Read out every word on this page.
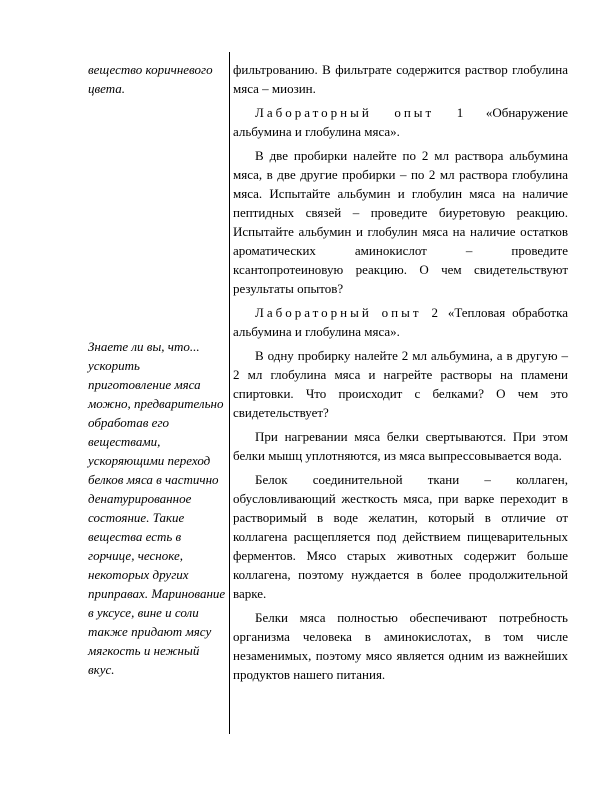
вещество коричневого цвета.
Знаете ли вы, что... ускорить приготовление мяса можно, предварительно обработав его веществами, ускоряющими переход белков мяса в частично денатурированное состояние. Такие вещества есть в горчице, чесноке, некоторых других приправах. Маринование в уксусе, вине и соли также придают мясу мягкость и нежный вкус.

фильтрованию. В фильтрате содержится раствор глобулина мяса – миозин.

Лабораторный опыт 1 «Обнаружение альбумина и глобулина мяса».

В две пробирки налейте по 2 мл раствора альбумина мяса, в две другие пробирки – по 2 мл раствора глобулина мяса. Испытайте альбумин и глобулин мяса на наличие пептидных связей – проведите биуретовую реакцию. Испытайте альбумин и глобулин мяса на наличие остатков ароматических аминокислот – проведите ксантопротеиновую реакцию. О чем свидетельствуют результаты опытов?

Лабораторный опыт 2 «Тепловая обработка альбумина и глобулина мяса».

В одну пробирку налейте 2 мл альбумина, а в другую – 2 мл глобулина мяса и нагрейте растворы на пламени спиртовки. Что происходит с белками? О чем это свидетельствует?

При нагревании мяса белки свертываются. При этом белки мышц уплотняются, из мяса выпрессовывается вода.

Белок соединительной ткани – коллаген, обусловливающий жесткость мяса, при варке переходит в растворимый в воде желатин, который в отличие от коллагена расщепляется под действием пищеварительных ферментов. Мясо старых животных содержит больше коллагена, поэтому нуждается в более продолжительной варке.

Белки мяса полностью обеспечивают потребность организма человека в аминокислотах, в том числе незаменимых, поэтому мясо является одним из важнейших продуктов нашего питания.
